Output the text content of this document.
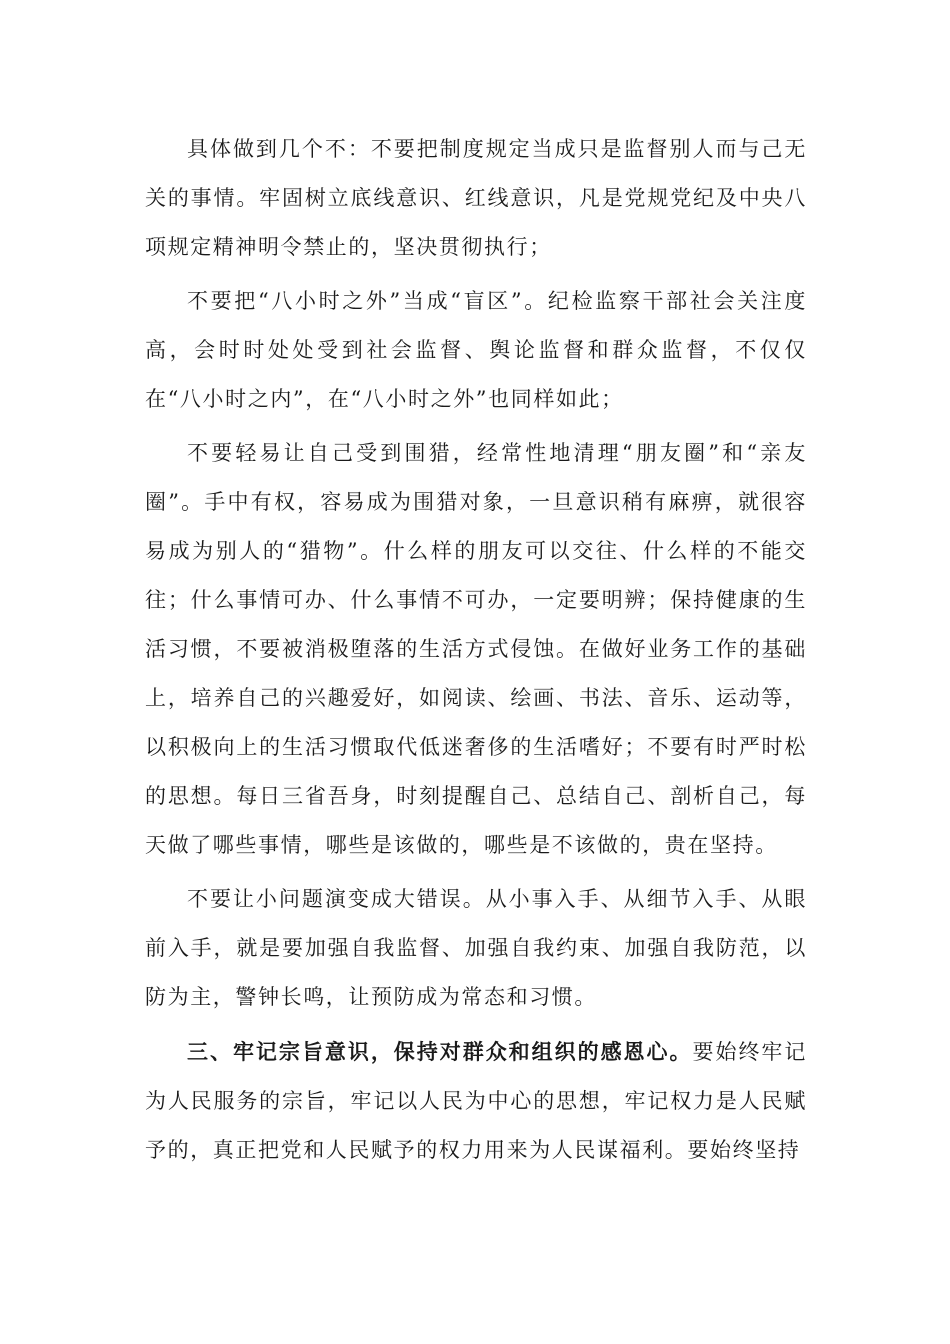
具体做到几个不：不要把制度规定当成只是监督别人而与己无关的事情。牢固树立底线意识、红线意识，凡是党规党纪及中央八项规定精神明令禁止的，坚决贯彻执行；

不要把“八小时之外”当成“盲区”。纪检监察干部社会关注度高，会时时处处受到社会监督、舆论监督和群众监督，不仅仅在“八小时之内”，在“八小时之外”也同样如此；

不要轻易让自己受到围猎，经常性地清理“朋友圈”和“亲友圈”。手中有权，容易成为围猎对象，一旦意识稍有麻痹，就很容易成为别人的“猎物”。什么样的朋友可以交往、什么样的不能交往；什么事情可办、什么事情不可办，一定要明辨；保持健康的生活习惯，不要被消极堕落的生活方式侵蚀。在做好业务工作的基础上，培养自己的兴趣爱好，如阅读、绘画、书法、音乐、运动等，以积极向上的生活习惯取代低迷奢侈的生活嗜好；不要有时严时松的思想。每日三省吾身，时刻提醒自己、总结自己、剖析自己，每天做了哪些事情，哪些是该做的，哪些是不该做的，贵在坚持。

不要让小问题演变成大错误。从小事入手、从细节入手、从眼前入手，就是要加强自我监督、加强自我约束、加强自我防范，以防为主，警钟长鸣，让预防成为常态和习惯。

三、牢记宗旨意识，保持对群众和组织的感恩心。要始终牢记为人民服务的宗旨，牢记以人民为中心的思想，牢记权力是人民赋予的，真正把党和人民赋予的权力用来为人民谋福利。要始终坚持
